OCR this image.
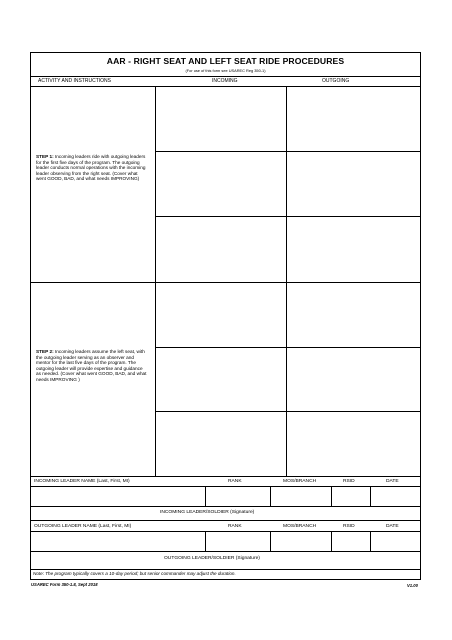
AAR - RIGHT SEAT AND LEFT SEAT RIDE PROCEDURES
(For use of this form see USAREC Reg 350-1)
ACTIVITY AND INSTRUCTIONS	INCOMING	OUTGOING
STEP 1: Incoming leaders ride with outgoing leaders for the first five days of the program. The outgoing leader conducts normal operations with the incoming leader observing from the right seat. (Cover what went GOOD, BAD, and what needs IMPROVING)
STEP 2: Incoming leaders assume the left seat, with the outgoing leader serving as an observer and mentor for the last five days of the program. The outgoing leader will provide expertise and guidance as needed. (Cover what went GOOD, BAD, and what needs IMPROVING )
INCOMING LEADER NAME (Last, First, MI)	RANK	MOS/BRANCH	RSID	DATE
INCOMING LEADER/SOLDIER (Signature)
OUTGOING LEADER NAME (Last, First, MI)	RANK	MOS/BRANCH	RSID	DATE
OUTGOING LEADER/SOLDIER (Signature)
Note: The program typically covers a 10-day period; but senior commander may adjust the duration.
USAREC Form 350-1.8, Sept 2018	V1.00
